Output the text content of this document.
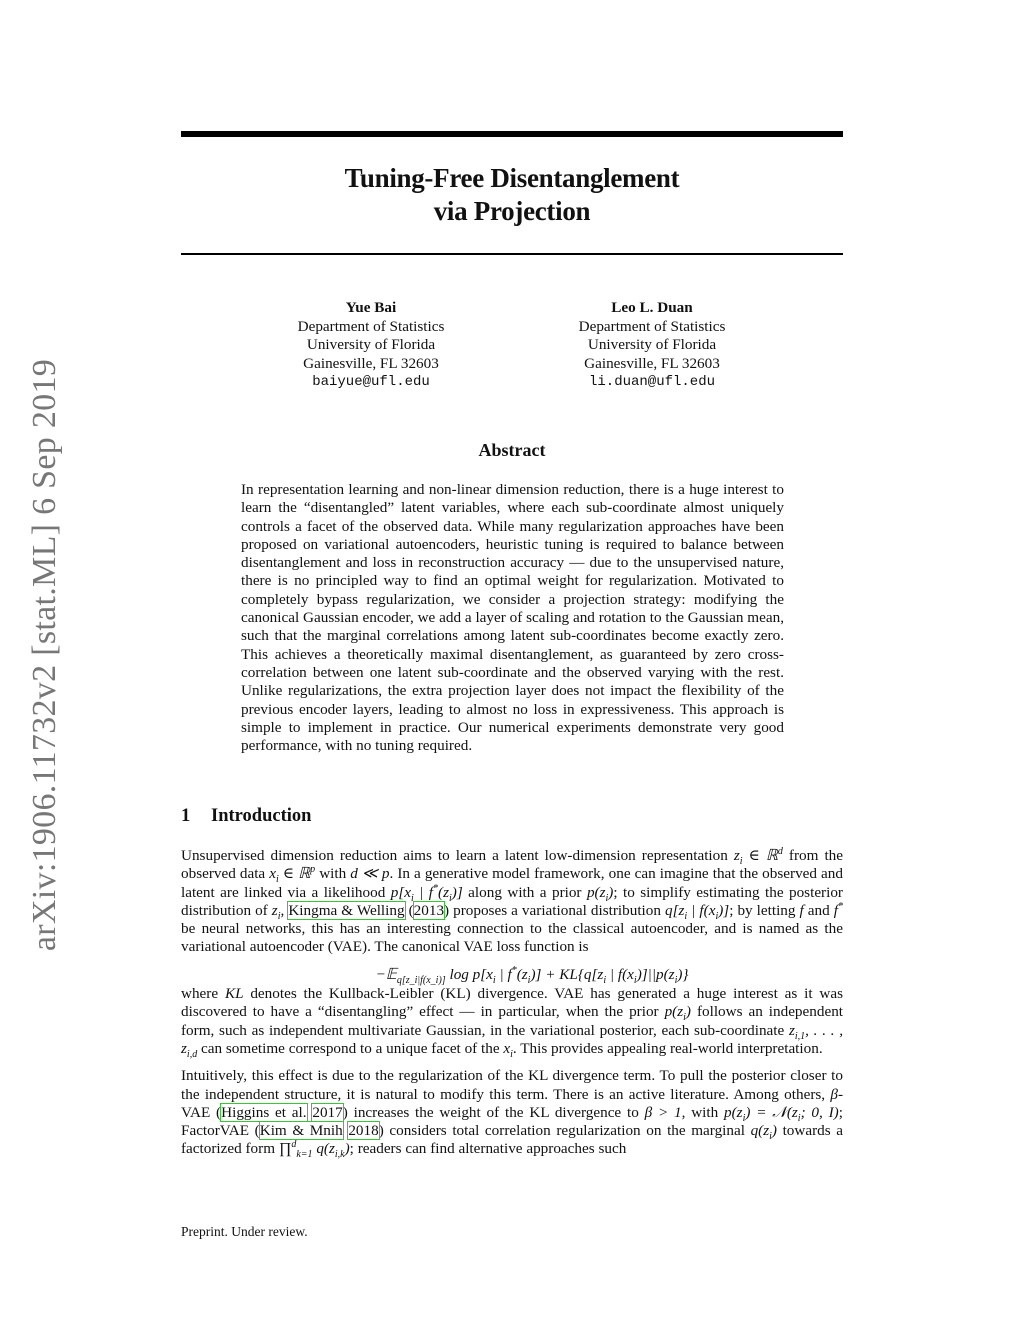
arXiv:1906.11732v2 [stat.ML] 6 Sep 2019
Tuning-Free Disentanglement
via Projection
Yue Bai
Department of Statistics
University of Florida
Gainesville, FL 32603
baiyue@ufl.edu
Leo L. Duan
Department of Statistics
University of Florida
Gainesville, FL 32603
li.duan@ufl.edu
Abstract

In representation learning and non-linear dimension reduction, there is a huge interest to learn the “disentangled” latent variables, where each sub-coordinate almost uniquely controls a facet of the observed data. While many regularization approaches have been proposed on variational autoencoders, heuristic tuning is required to balance between disentanglement and loss in reconstruction accuracy — due to the unsupervised nature, there is no principled way to find an optimal weight for regularization. Motivated to completely bypass regularization, we consider a projection strategy: modifying the canonical Gaussian encoder, we add a layer of scaling and rotation to the Gaussian mean, such that the marginal correlations among latent sub-coordinates become exactly zero. This achieves a theoretically maximal disentanglement, as guaranteed by zero cross-correlation between one latent sub-coordinate and the observed varying with the rest. Unlike regularizations, the extra projection layer does not impact the flexibility of the previous encoder layers, leading to almost no loss in expressiveness. This approach is simple to implement in practice. Our numerical experiments demonstrate very good performance, with no tuning required.

1 Introduction

Unsupervised dimension reduction aims to learn a latent low-dimension representation $z_i$ ∈ ℝ$^d$ from the observed data $x_i$ ∈ ℝ$^p$ with d ≪ p. In a generative model framework, one can imagine that the observed and latent are linked via a likelihood $p[x_i$ | $f^*(z_i)$] along with a prior $p(z_i)$; to simplify estimating the posterior distribution of $z_i$, Kingma & Welling (2013) proposes a variational distribution $q[z_i$ | $f(x_i)$]; by letting f and f* be neural networks, this has an interesting connection to the classical autoencoder, and is named as the variational autoencoder (VAE). The canonical VAE loss function is

−𝔼$_{q[z\_i|f(x\_i)]}$ $\log p[x_i$ | $f^*(z_i)] + KL\{q[z_i$ | $f(x_i)]||p(z_i)$}

where KL denotes the Kullback-Leibler (KL) divergence. VAE has generated a huge interest as it was discovered to have a “disentangling” effect — in particular, when the prior $p(z_i)$ follows an independent form, such as independent multivariate Gaussian, in the variational posterior, each sub-coordinate $z_{i,1}$, . . . , $z_{i,d}$ can sometime correspond to a unique facet of the $x_i$. This provides appealing real-world interpretation.

Intuitively, this effect is due to the regularization of the KL divergence term. To pull the posterior closer to the independent structure, it is natural to modify this term. There is an active literature. Among others, β-VAE (Higgins et al. 2017) increases the weight of the KL divergence to β > 1, with $p(z_i)$ = $𝒩(z_i$; 0, I); FactorVAE (Kim & Mnih 2018) considers total correlation regularization on the marginal $q(z_i)$ towards a factorized form ∏$^d_{k=1}$ $q(z_{i,k})$; readers can find alternative approaches such

Preprint. Under review.
